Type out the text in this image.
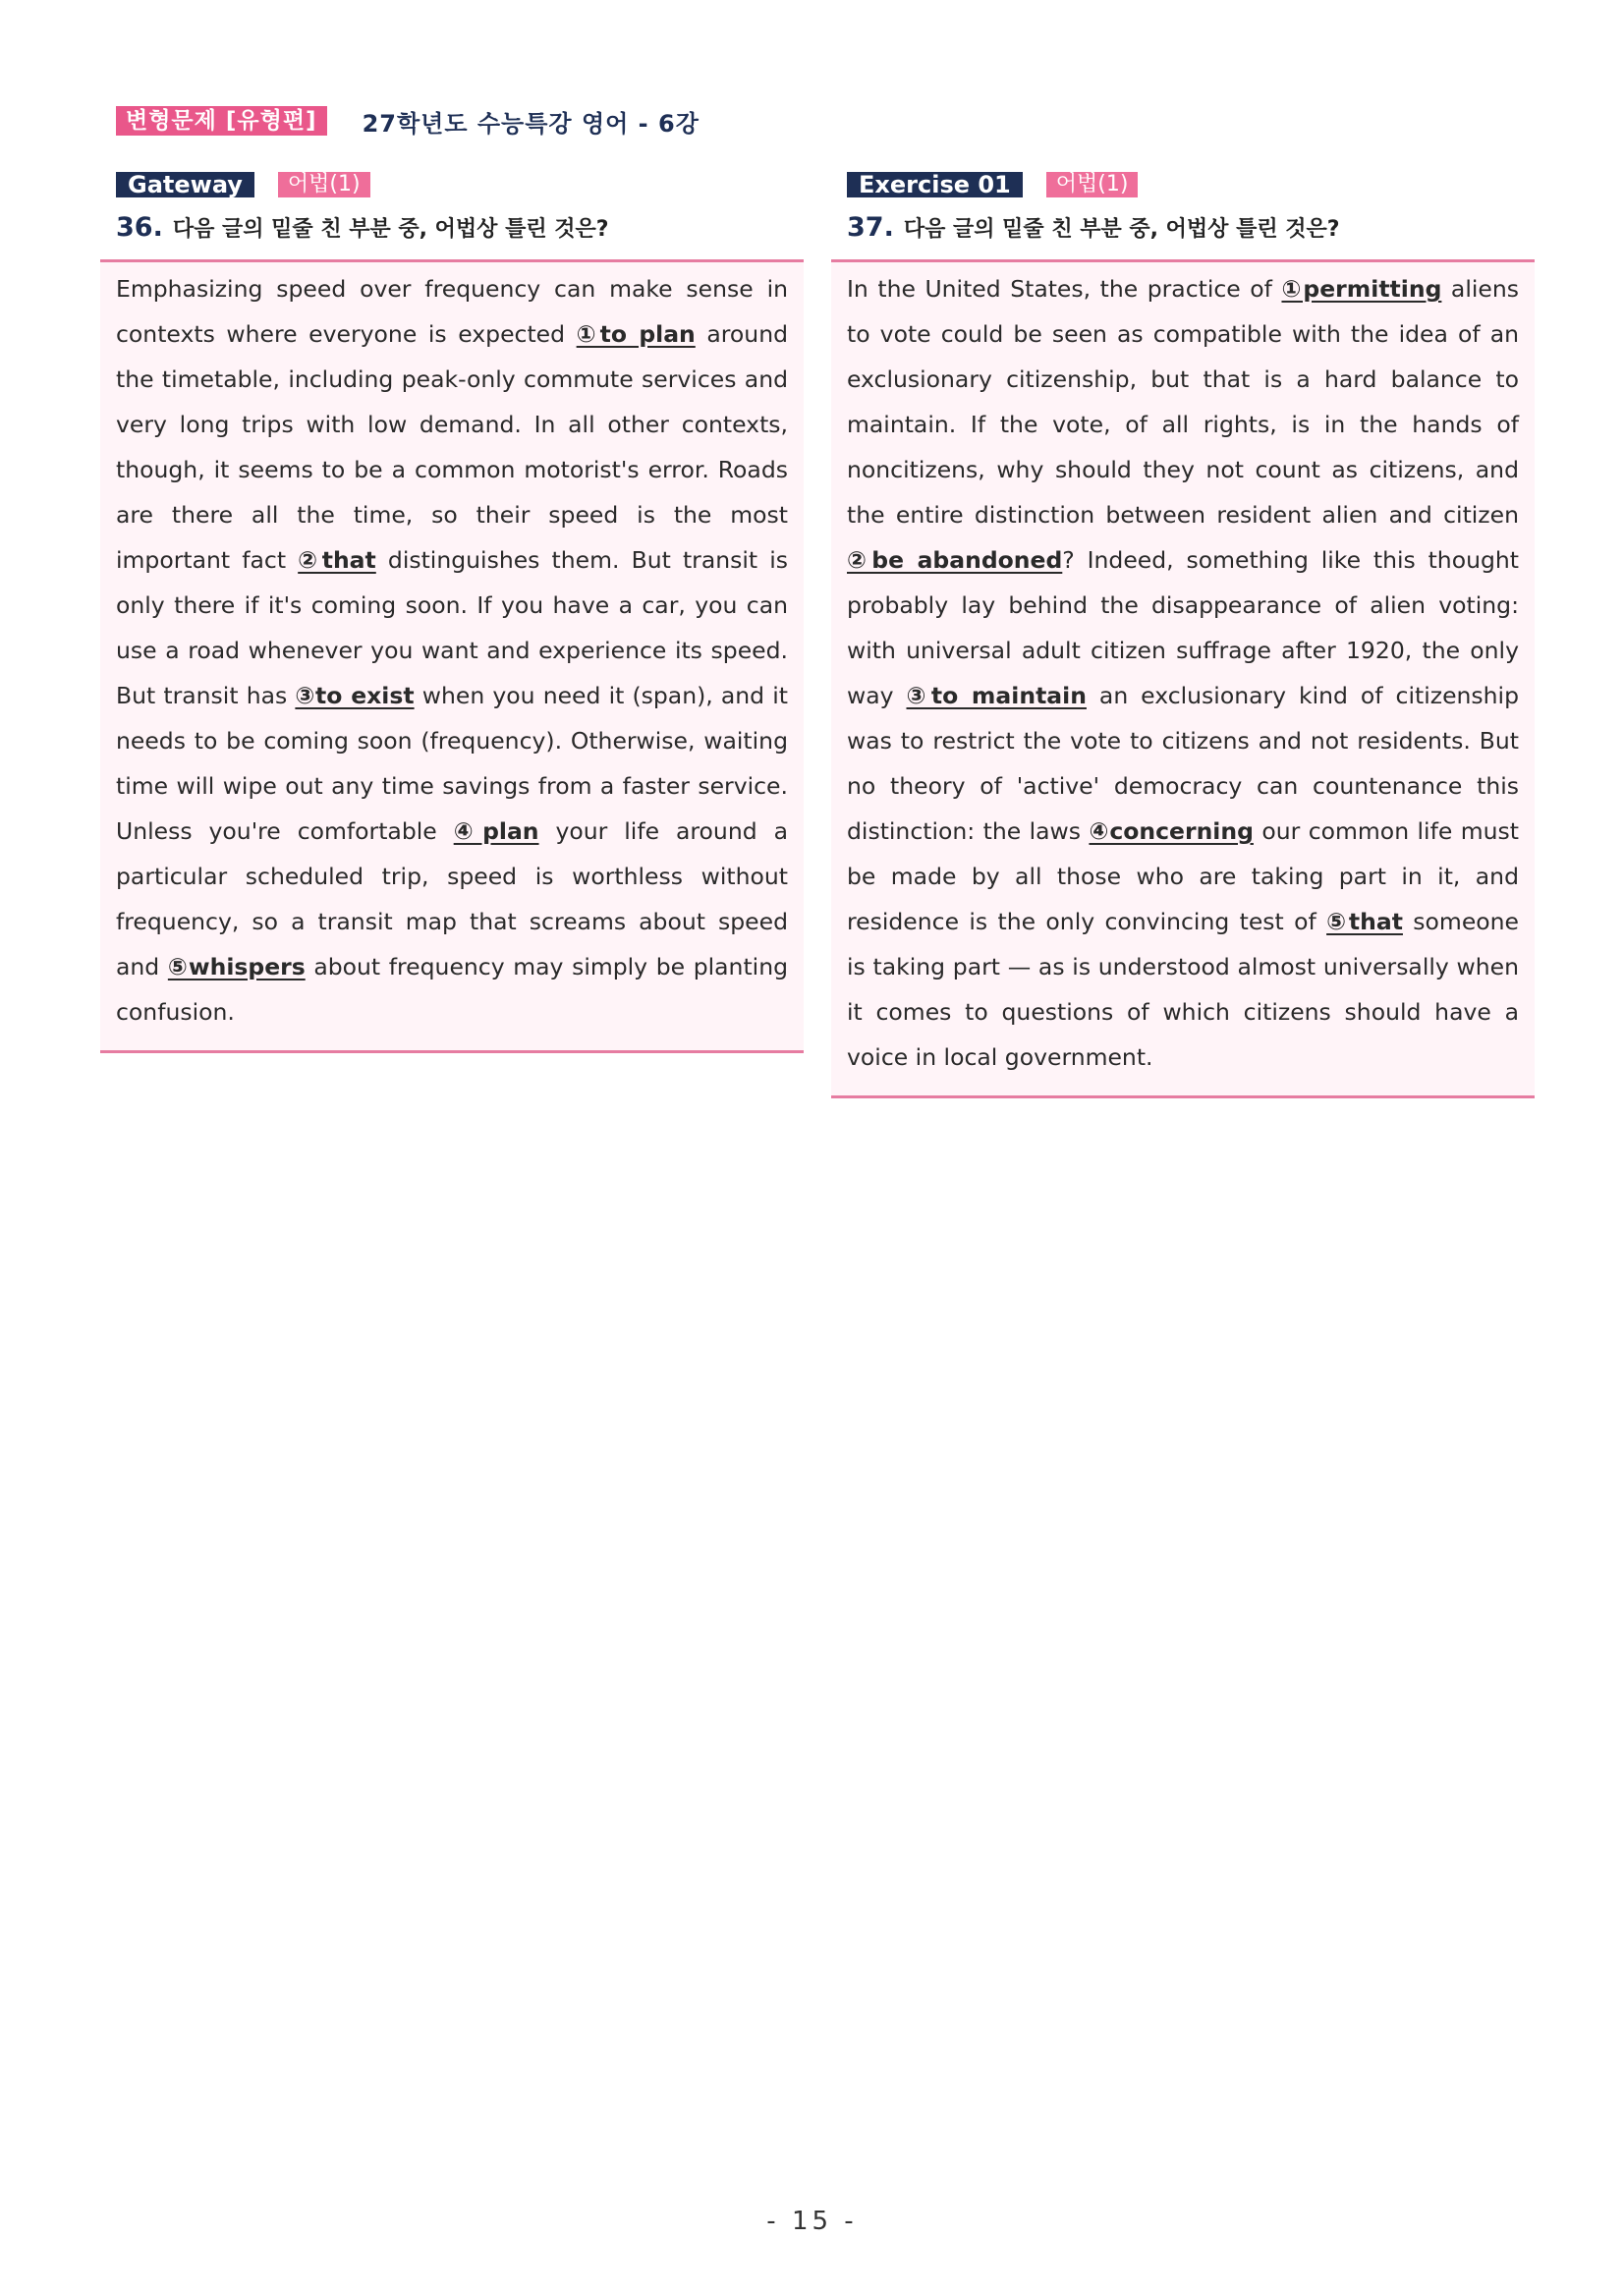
변형문제 [유형편]	27학년도 수능특강 영어 - 6강
Gateway	어법(1)
36. 다음 글의 밑줄 친 부분 중, 어법상 틀린 것은?

Emphasizing speed over frequency can make sense in contexts where everyone is expected ①to plan around the timetable, including peak-only commute services and very long trips with low demand. In all other contexts, though, it seems to be a common motorist's error. Roads are there all the time, so their speed is the most important fact ②that distinguishes them. But transit is only there if it's coming soon. If you have a car, you can use a road whenever you want and experience its speed. But transit has ③to exist when you need it (span), and it needs to be coming soon (frequency). Otherwise, waiting time will wipe out any time savings from a faster service. Unless you're comfortable ④plan your life around a particular scheduled trip, speed is worthless without frequency, so a transit map that screams about speed and ⑤whispers about frequency may simply be planting confusion.

Exercise 01	어법(1)
37. 다음 글의 밑줄 친 부분 중, 어법상 틀린 것은?

In the United States, the practice of ①permitting aliens to vote could be seen as compatible with the idea of an exclusionary citizenship, but that is a hard balance to maintain. If the vote, of all rights, is in the hands of noncitizens, why should they not count as citizens, and the entire distinction between resident alien and citizen ②be abandoned? Indeed, something like this thought probably lay behind the disappearance of alien voting: with universal adult citizen suffrage after 1920, the only way ③to maintain an exclusionary kind of citizenship was to restrict the vote to citizens and not residents. But no theory of 'active' democracy can countenance this distinction: the laws ④concerning our common life must be made by all those who are taking part in it, and residence is the only convincing test of ⑤that someone is taking part — as is understood almost universally when it comes to questions of which citizens should have a voice in local government.

- 15 -
